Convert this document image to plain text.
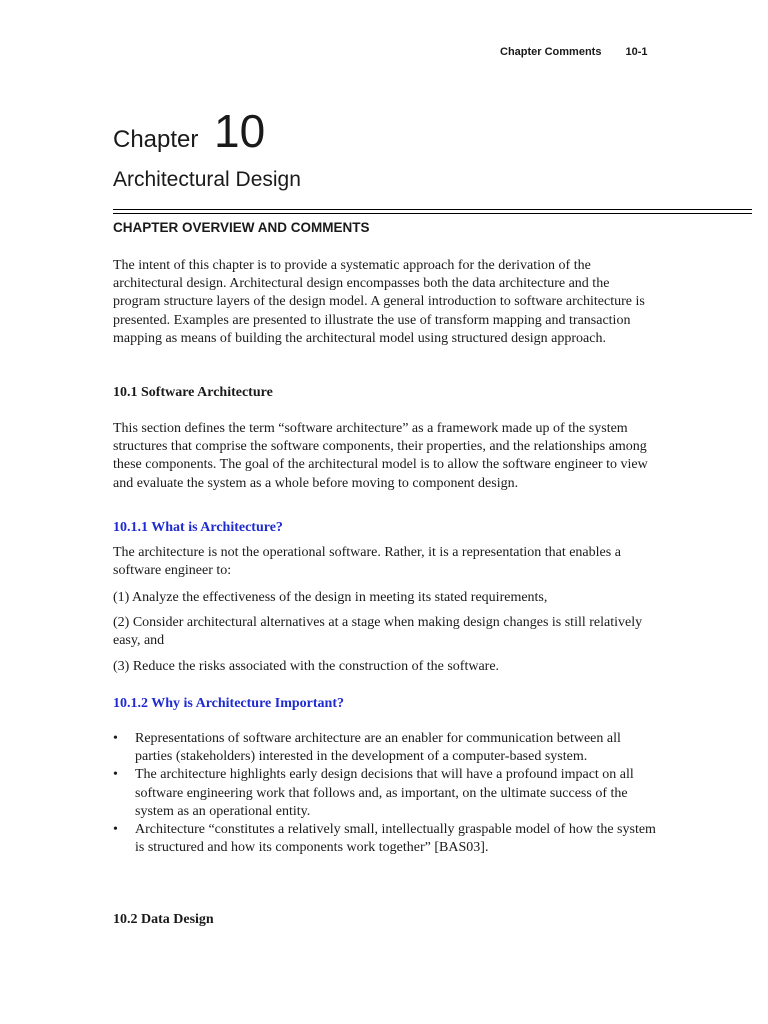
Chapter Comments 10-1
Chapter 10
Architectural Design
CHAPTER OVERVIEW AND COMMENTS

The intent of this chapter is to provide a systematic approach for the derivation of the architectural design. Architectural design encompasses both the data architecture and the program structure layers of the design model. A general introduction to software architecture is presented. Examples are presented to illustrate the use of transform mapping and transaction mapping as means of building the architectural model using structured design approach.

10.1 Software Architecture

This section defines the term “software architecture” as a framework made up of the system structures that comprise the software components, their properties, and the relationships among these components. The goal of the architectural model is to allow the software engineer to view and evaluate the system as a whole before moving to component design.

10.1.1 What is Architecture?

The architecture is not the operational software. Rather, it is a representation that enables a software engineer to:

(1) Analyze the effectiveness of the design in meeting its stated requirements,

(2) Consider architectural alternatives at a stage when making design changes is still relatively easy, and

(3) Reduce the risks associated with the construction of the software.

10.1.2 Why is Architecture Important?
• Representations of software architecture are an enabler for communication between all parties (stakeholders) interested in the development of a computer-based system.
• The architecture highlights early design decisions that will have a profound impact on all software engineering work that follows and, as important, on the ultimate success of the system as an operational entity.
• Architecture “constitutes a relatively small, intellectually graspable model of how the system is structured and how its components work together” [BAS03].
10.2 Data Design
